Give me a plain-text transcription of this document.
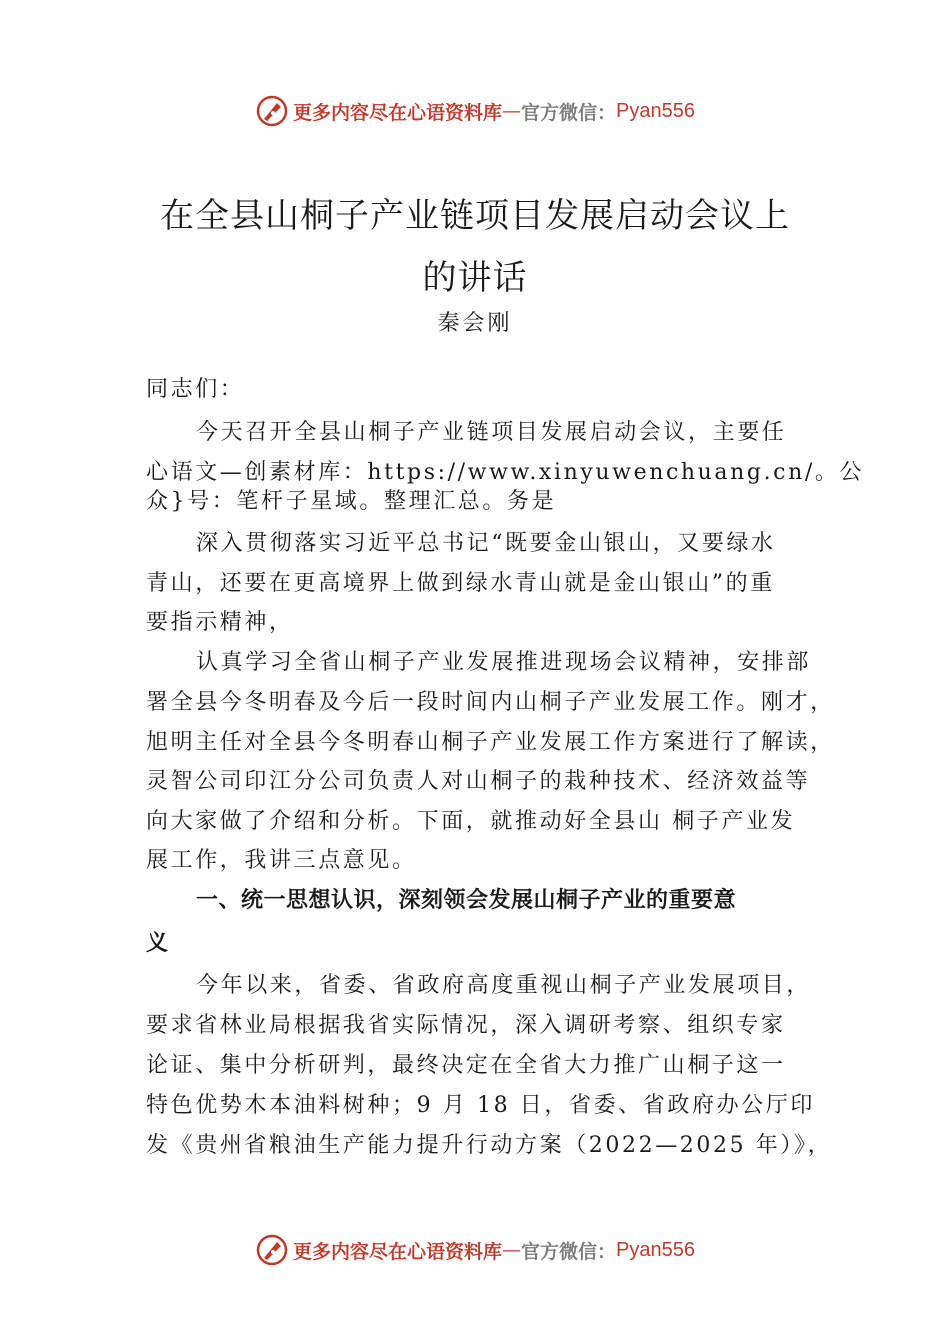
更多内容尽在心语资料库 — 官方微信： Pyan556
在全县山桐子产业链项目发展启动会议上
的讲话
秦会刚
同志们：
今天召开全县山桐子产业链项目发展启动会议，主要任
心语文—创素材库：https://www.xinyuwenchuang.cn/。公
众}号：笔杆子星域。整理汇总。务是
深入贯彻落实习近平总书记“既要金山银山，又要绿水
青山，还要在更高境界上做到绿水青山就是金山银山”的重
要指示精神，
认真学习全省山桐子产业发展推进现场会议精神，安排部
署全县今冬明春及今后一段时间内山桐子产业发展工作。刚才，
旭明主任对全县今冬明春山桐子产业发展工作方案进行了解读，
灵智公司印江分公司负责人对山桐子的栽种技术、经济效益等
向大家做了介绍和分析。下面，就推动好全县山 桐子产业发
展工作，我讲三点意见。
一、统一思想认识，深刻领会发展山桐子产业的重要意
义
今年以来，省委、省政府高度重视山桐子产业发展项目，
要求省林业局根据我省实际情况，深入调研考察、组织专家
论证、集中分析研判，最终决定在全省大力推广山桐子这一
特色优势木本油料树种；9 月 18 日，省委、省政府办公厅印
发《贵州省粮油生产能力提升行动方案（2022—2025 年）》，
更多内容尽在心语资料库 — 官方微信： Pyan556
